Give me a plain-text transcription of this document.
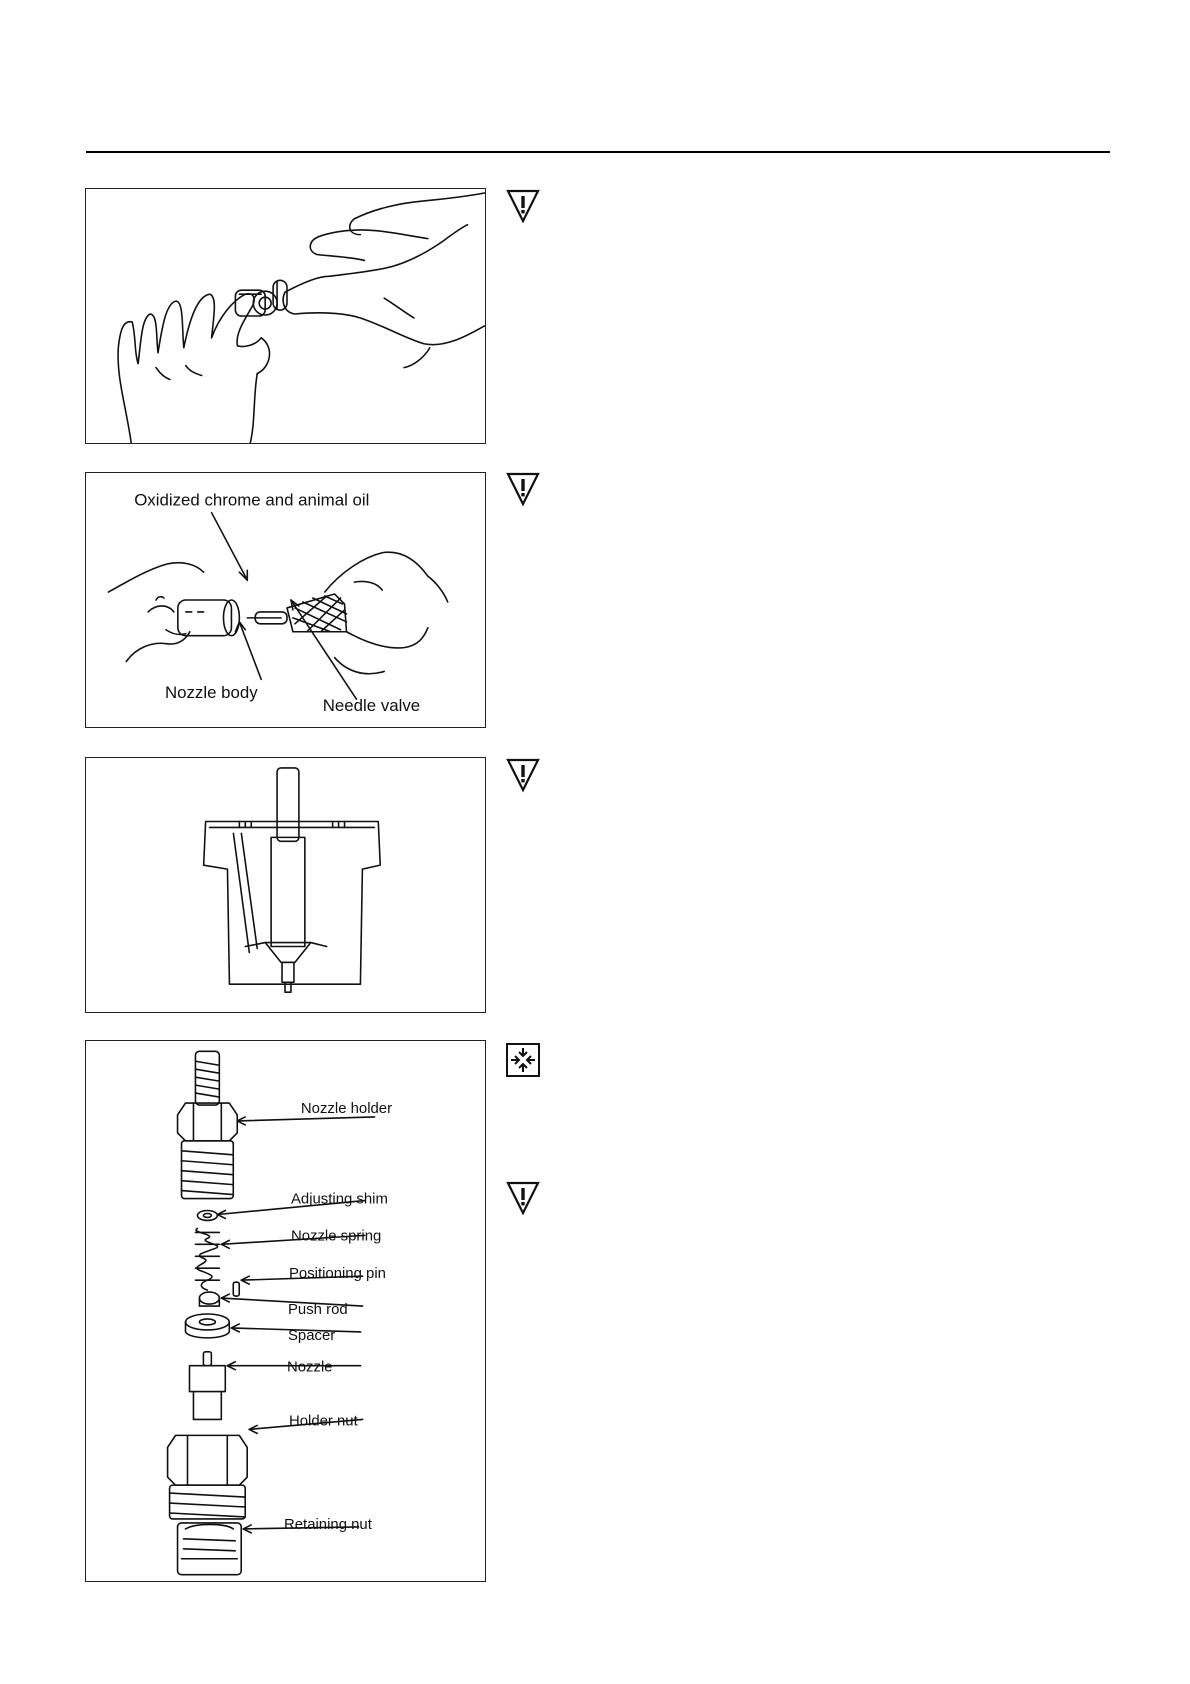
Oxidized chrome and animal oil
Nozzle body
Needle valve
Nozzle holder
Adjusting shim
Nozzle spring
Positioning pin
Push rod
Spacer
Nozzle
Holder nut
Retaining nut
